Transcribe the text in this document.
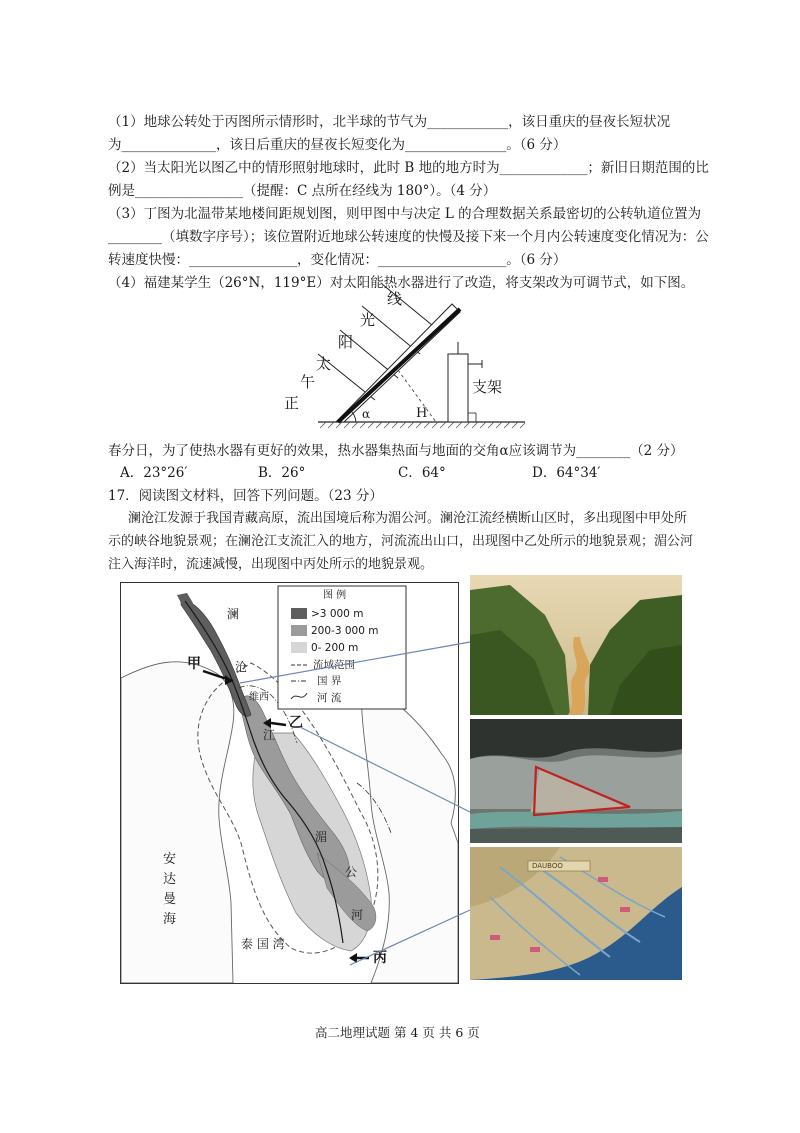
（1）地球公转处于丙图所示情形时，北半球的节气为____________，该日重庆的昼夜长短状况
为______________，该日后重庆的昼夜长短变化为_______________。（6 分）
（2）当太阳光以图乙中的情形照射地球时，此时 B 地的地方时为_____________；新旧日期范围的比
例是________________（提醒：C 点所在经线为 180°）。（4 分）
（3）丁图为北温带某地楼间距规划图，则甲图中与决定 L 的合理数据关系最密切的公转轨道位置为
________（填数字序号）；该位置附近地球公转速度的快慢及接下来一个月内公转速度变化情况为：公
转速度快慢：________________，变化情况：___________________。（6 分）
（4）福建某学生（26°N，119°E）对太阳能热水器进行了改造，将支架改为可调节式，如下图。
正
午
太
阳
光
线
支架
α	H
春分日，为了使热水器有更好的效果，热水器集热面与地面的交角α应该调节为________（2 分）
A．23°26′	B．26°	C．64°	D．64°34′
17．阅读图文材料，回答下列问题。（23 分）
澜沧江发源于我国青藏高原，流出国境后称为湄公河。澜沧江流经横断山区时，多出现图中甲处所
示的峡谷地貌景观；在澜沧江支流汇入的地方，河流流出山口，出现图中乙处所示的地貌景观；湄公河
注入海洋时，流速减慢，出现图中丙处所示的地貌景观。
图 例
>3 000 m
200-3 000 m
0- 200 m
流域范围
国 界
河 流
甲
乙
丙
澜
沧
江
湄
公
河
维西
安
达
曼
海
泰 国 湾
DAUBOO
高二地理试题 第 4 页 共 6 页
